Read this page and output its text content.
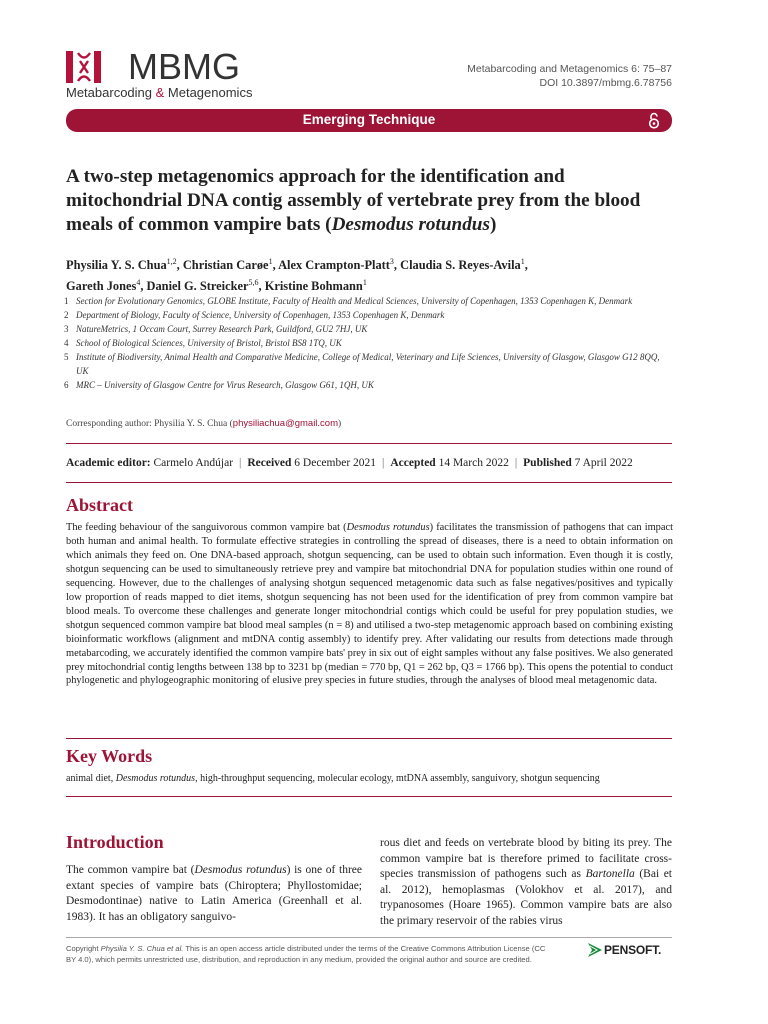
MBMG
Metabarcoding & Metagenomics
Metabarcoding and Metagenomics 6: 75–87
DOI 10.3897/mbmg.6.78756
Emerging Technique
A two-step metagenomics approach for the identification and mitochondrial DNA contig assembly of vertebrate prey from the blood meals of common vampire bats (Desmodus rotundus)
Physilia Y. S. Chua$^{1,2}$, Christian Carøe$^1$, Alex Crampton-Platt$^3$, Claudia S. Reyes-Avila$^1$,
Gareth Jones$^4$, Daniel G. Streicker$^{5,6}$, Kristine Bohmann$^1$
1 Section for Evolutionary Genomics, GLOBE Institute, Faculty of Health and Medical Sciences, University of Copenhagen, 1353 Copenhagen K, Denmark
2 Department of Biology, Faculty of Science, University of Copenhagen, 1353 Copenhagen K, Denmark
3 NatureMetrics, 1 Occam Court, Surrey Research Park, Guildford, GU2 7HJ, UK
4 School of Biological Sciences, University of Bristol, Bristol BS8 1TQ, UK
5 Institute of Biodiversity, Animal Health and Comparative Medicine, College of Medical, Veterinary and Life Sciences, University of Glasgow, Glasgow G12 8QQ, UK
6 MRC – University of Glasgow Centre for Virus Research, Glasgow G61, 1QH, UK
Corresponding author: Physilia Y. S. Chua (physiliachua@gmail.com)
Academic editor: Carmelo Andújar | Received 6 December 2021 | Accepted 14 March 2022 | Published 7 April 2022
Abstract

The feeding behaviour of the sanguivorous common vampire bat (Desmodus rotundus) facilitates the transmission of pathogens that can impact both human and animal health. To formulate effective strategies in controlling the spread of diseases, there is a need to obtain information on which animals they feed on. One DNA-based approach, shotgun sequencing, can be used to obtain such information. Even though it is costly, shotgun sequencing can be used to simultaneously retrieve prey and vampire bat mitochondrial DNA for population studies within one round of sequencing. However, due to the challenges of analysing shotgun sequenced metagenomic data such as false negatives/positives and typically low proportion of reads mapped to diet items, shotgun sequencing has not been used for the identification of prey from common vampire bat blood meals. To overcome these challenges and generate longer mitochondrial contigs which could be useful for prey population studies, we shotgun sequenced common vampire bat blood meal samples (n = 8) and utilised a two-step metagenomic approach based on combining existing bioinformatic workflows (alignment and mtDNA contig assembly) to identify prey. After validating our results from detections made through metabarcoding, we accurately identified the common vampire bats' prey in six out of eight samples without any false positives. We also generated prey mitochondrial contig lengths between 138 bp to 3231 bp (median = 770 bp, Q1 = 262 bp, Q3 = 1766 bp). This opens the potential to conduct phylogenetic and phylogeographic monitoring of elusive prey species in future studies, through the analyses of blood meal metagenomic data.

Key Words
animal diet, Desmodus rotundus, high-throughput sequencing, molecular ecology, mtDNA assembly, sanguivory, shotgun sequencing
Introduction

The common vampire bat (Desmodus rotundus) is one of three extant species of vampire bats (Chiroptera; Phyllostomidae; Desmodontinae) native to Latin America (Greenhall et al. 1983). It has an obligatory sanguivo-

rous diet and feeds on vertebrate blood by biting its prey. The common vampire bat is therefore primed to facilitate cross-species transmission of pathogens such as Bartonella (Bai et al. 2012), hemoplasmas (Volokhov et al. 2017), and trypanosomes (Hoare 1965). Common vampire bats are also the primary reservoir of the rabies virus

Copyright Physilia Y. S. Chua et al. This is an open access article distributed under the terms of the Creative Commons Attribution License (CC BY 4.0), which permits unrestricted use, distribution, and reproduction in any medium, provided the original author and source are credited.
PENSOFT.
